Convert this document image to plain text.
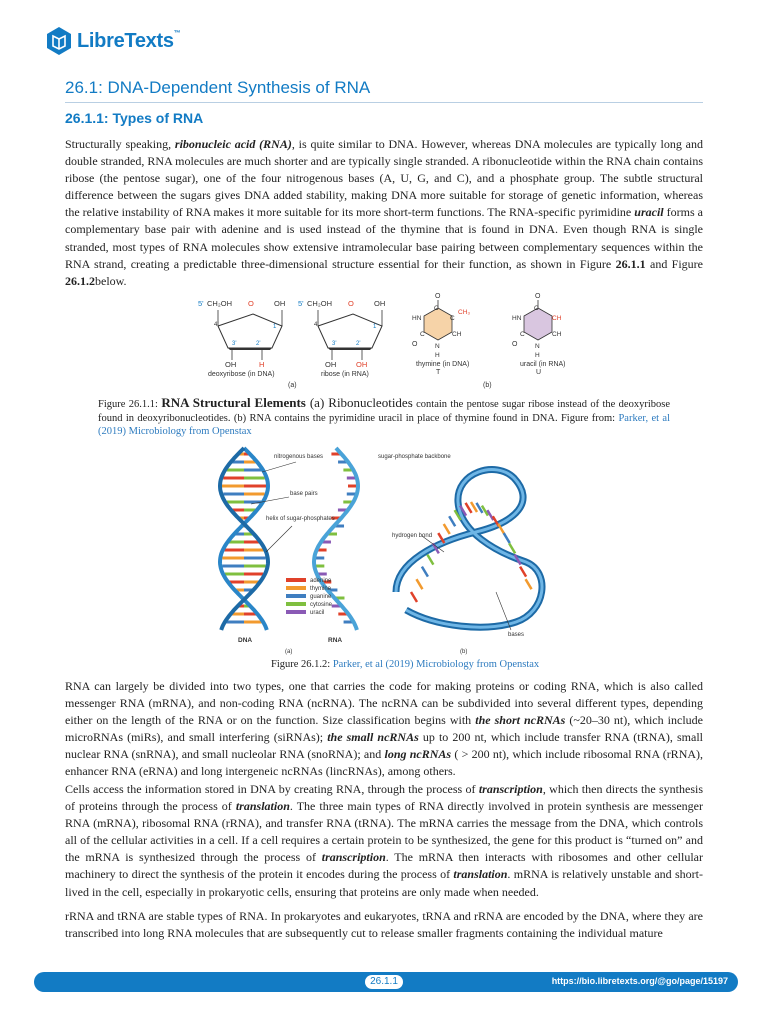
LibreTexts™
26.1: DNA-Dependent Synthesis of RNA
26.1.1: Types of RNA

Structurally speaking, ribonucleic acid (RNA), is quite similar to DNA. However, whereas DNA molecules are typically long and double stranded, RNA molecules are much shorter and are typically single stranded. A ribonucleotide within the RNA chain contains ribose (the pentose sugar), one of the four nitrogenous bases (A, U, G, and C), and a phosphate group. The subtle structural difference between the sugars gives DNA added stability, making DNA more suitable for storage of genetic information, whereas the relative instability of RNA makes it more suitable for its more short-term functions. The RNA-specific pyrimidine uracil forms a complementary base pair with adenine and is used instead of the thymine that is found in DNA. Even though RNA is single stranded, most types of RNA molecules show extensive intramolecular base pairing between complementary sequences within the RNA strand, creating a predictable three-dimensional structure essential for their function, as shown in Figure 26.1.1 and Figure 26.1.2below.

5' CH₂OH O	OH
4'
3'	2'
1'
OH	H
deoxyribose (in DNA)
5' CH₂OH O	OH
4'
3'	2'
1'
OH	OH
ribose (in RNA)
O
C
HN	C
CH₃
C	CH
N
O
H
thymine (in DNA)
T
O
C
HN	CH
C	CH
N
O
H
uracil (in RNA)
U
(a)	(b)

Figure 26.1.1: RNA Structural Elements (a) Ribonucleotides contain the pentose sugar ribose instead of the deoxyribose found in deoxyribonucleotides. (b) RNA contains the pyrimidine uracil in place of thymine found in DNA. Figure from: Parker, et al (2019) Microbiology from Openstax

nitrogenous bases
base pairs
helix of sugar-phosphates
sugar-phosphate backbone
hydrogen bond
bases
DNA	RNA
(a)	(b)
adenine
thymine
guanine
cytosine
uracil

Figure 26.1.2: Parker, et al (2019) Microbiology from Openstax

RNA can largely be divided into two types, one that carries the code for making proteins or coding RNA, which is also called messenger RNA (mRNA), and non-coding RNA (ncRNA). The ncRNA can be subdivided into several different types, depending either on the length of the RNA or on the function. Size classification begins with the short ncRNAs (~20–30 nt), which include microRNAs (miRs), and small interfering (siRNAs); the small ncRNAs up to 200 nt, which include transfer RNA (tRNA), small nuclear RNA (snRNA), and small nucleolar RNA (snoRNA); and long ncRNAs ( > 200 nt), which include ribosomal RNA (rRNA), enhancer RNA (eRNA) and long intergeneic ncRNAs (lincRNAs), among others.

Cells access the information stored in DNA by creating RNA, through the process of transcription, which then directs the synthesis of proteins through the process of translation. The three main types of RNA directly involved in protein synthesis are messenger RNA (mRNA), ribosomal RNA (rRNA), and transfer RNA (tRNA). The mRNA carries the message from the DNA, which controls all of the cellular activities in a cell. If a cell requires a certain protein to be synthesized, the gene for this product is “turned on” and the mRNA is synthesized through the process of transcription. The mRNA then interacts with ribosomes and other cellular machinery to direct the synthesis of the protein it encodes during the process of translation. mRNA is relatively unstable and short-lived in the cell, especially in prokaryotic cells, ensuring that proteins are only made when needed.

rRNA and tRNA are stable types of RNA. In prokaryotes and eukaryotes, tRNA and rRNA are encoded by the DNA, where they are transcribed into long RNA molecules that are subsequently cut to release smaller fragments containing the individual mature

26.1.1	https://bio.libretexts.org/@go/page/15197
